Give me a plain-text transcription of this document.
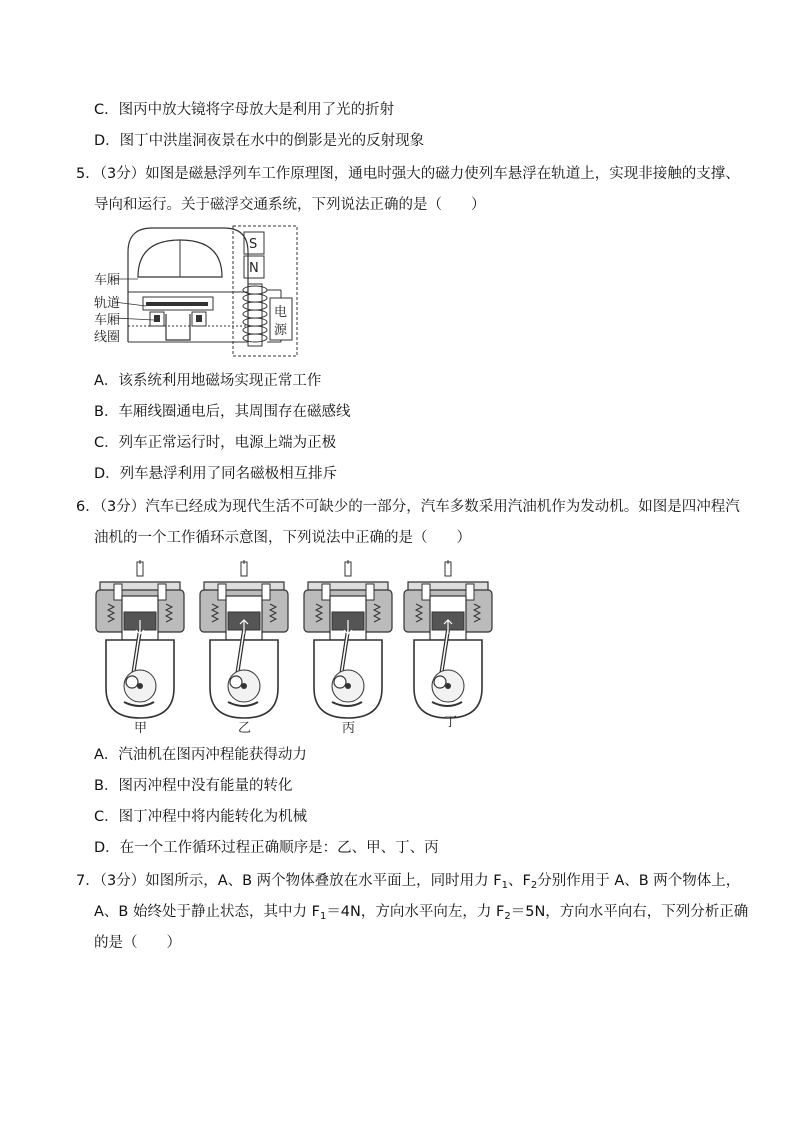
C．图丙中放大镜将字母放大是利用了光的折射
D．图丁中洪崖洞夜景在水中的倒影是光的反射现象
5．（3分）如图是磁悬浮列车工作原理图，通电时强大的磁力使列车悬浮在轨道上，实现非接触的支撑、
导向和运行。关于磁浮交通系统，下列说法正确的是（　　）
车厢
轨道
车厢
线圈
S
N
电
源
A．该系统利用地磁场实现正常工作
B．车厢线圈通电后，其周围存在磁感线
C．列车正常运行时，电源上端为正极
D．列车悬浮利用了同名磁极相互排斥
6．（3分）汽车已经成为现代生活不可缺少的一部分，汽车多数采用汽油机作为发动机。如图是四冲程汽
油机的一个工作循环示意图，下列说法中正确的是（　　）
甲	乙	丙	丁
A．汽油机在图丙冲程能获得动力
B．图丙冲程中没有能量的转化
C．图丁冲程中将内能转化为机械
D．在一个工作循环过程正确顺序是：乙、甲、丁、丙
7．（3分）如图所示，A、B 两个物体叠放在水平面上，同时用力 $F_1$、$F_2$分别作用于 A、B 两个物体上，
A、B 始终处于静止状态，其中力 $F_1=4N$，方向水平向左，力 $F_2=5N$，方向水平向右，下列分析正确
的是（　　）
